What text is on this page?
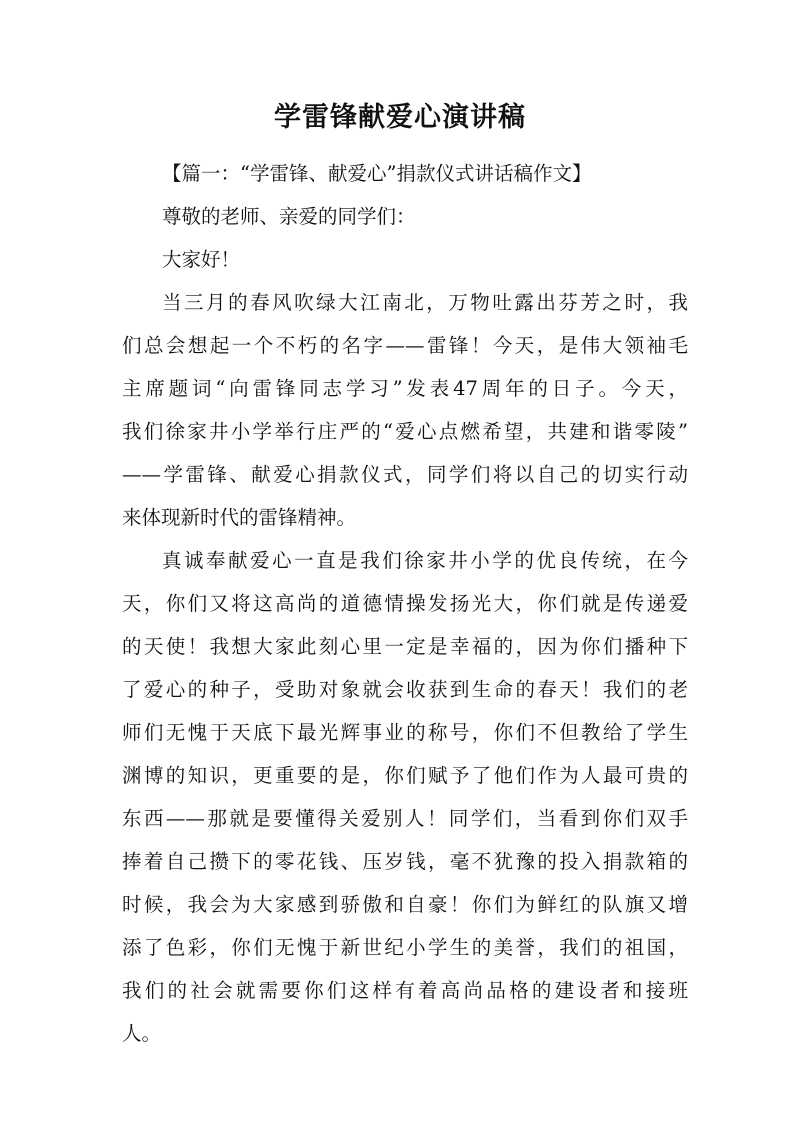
学雷锋献爱心演讲稿
【篇一：“学雷锋、献爱心”捐款仪式讲话稿作文】
尊敬的老师、亲爱的同学们：
大家好！
当三月的春风吹绿大江南北，万物吐露出芬芳之时，我
们总会想起一个不朽的名字——雷锋！今天，是伟大领袖毛
主席题词“向雷锋同志学习”发表47周年的日子。今天，
我们徐家井小学举行庄严的“爱心点燃希望，共建和谐零陵”
——学雷锋、献爱心捐款仪式，同学们将以自己的切实行动
来体现新时代的雷锋精神。
真诚奉献爱心一直是我们徐家井小学的优良传统，在今
天，你们又将这高尚的道德情操发扬光大，你们就是传递爱
的天使！我想大家此刻心里一定是幸福的，因为你们播种下
了爱心的种子，受助对象就会收获到生命的春天！我们的老
师们无愧于天底下最光辉事业的称号，你们不但教给了学生
渊博的知识，更重要的是，你们赋予了他们作为人最可贵的
东西——那就是要懂得关爱别人！同学们，当看到你们双手
捧着自己攒下的零花钱、压岁钱，毫不犹豫的投入捐款箱的
时候，我会为大家感到骄傲和自豪！你们为鲜红的队旗又增
添了色彩，你们无愧于新世纪小学生的美誉，我们的祖国，
我们的社会就需要你们这样有着高尚品格的建设者和接班
人。
